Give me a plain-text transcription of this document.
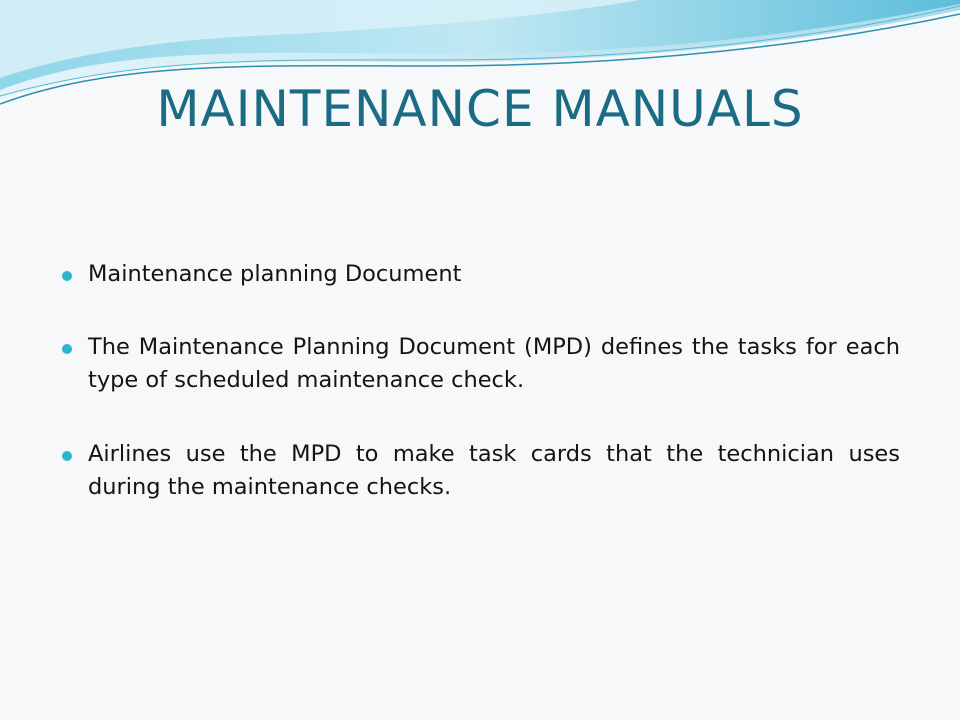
MAINTENANCE MANUALS
Maintenance planning Document
The Maintenance Planning Document (MPD) defines the tasks for each type of scheduled maintenance check.
Airlines use the MPD to make task cards that the technician uses during the maintenance checks.
